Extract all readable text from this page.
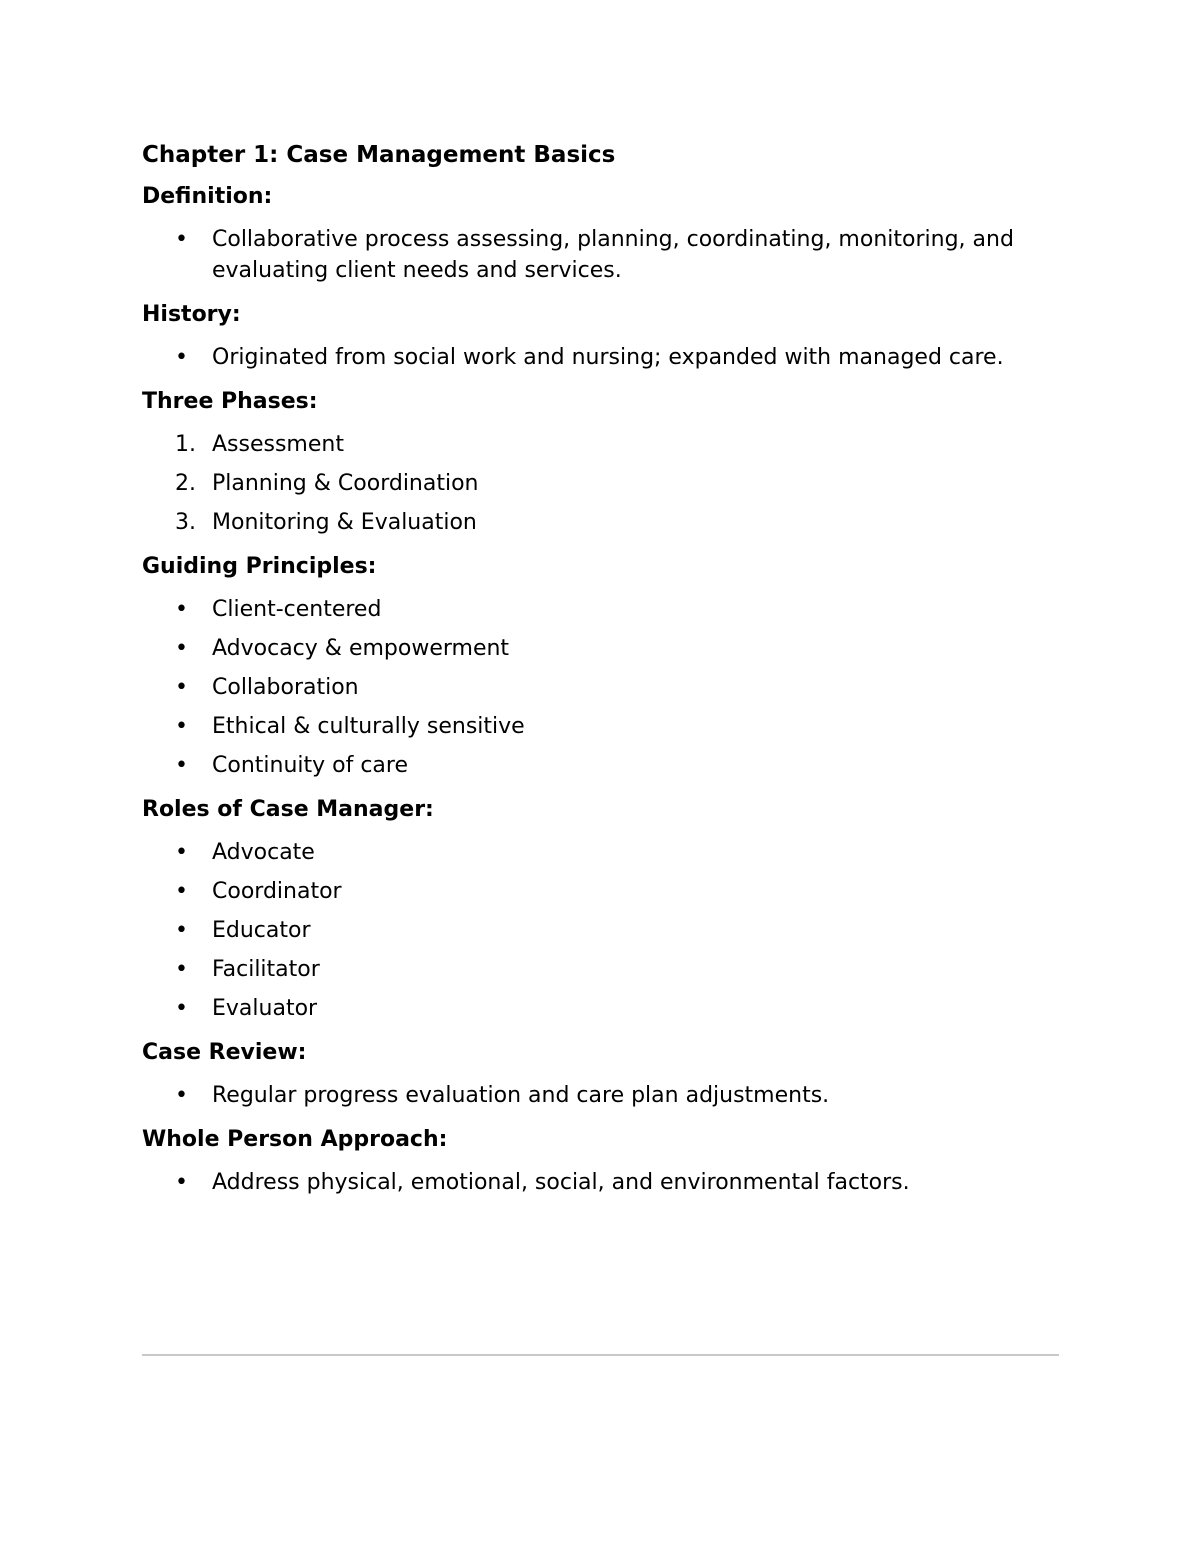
Chapter 1: Case Management Basics
Definition:
• Collaborative process assessing, planning, coordinating, monitoring, and evaluating client needs and services.
History:
• Originated from social work and nursing; expanded with managed care.
Three Phases:
1. Assessment
2. Planning & Coordination
3. Monitoring & Evaluation
Guiding Principles:
• Client-centered
• Advocacy & empowerment
• Collaboration
• Ethical & culturally sensitive
• Continuity of care
Roles of Case Manager:
• Advocate
• Coordinator
• Educator
• Facilitator
• Evaluator
Case Review:
• Regular progress evaluation and care plan adjustments.
Whole Person Approach:
• Address physical, emotional, social, and environmental factors.
